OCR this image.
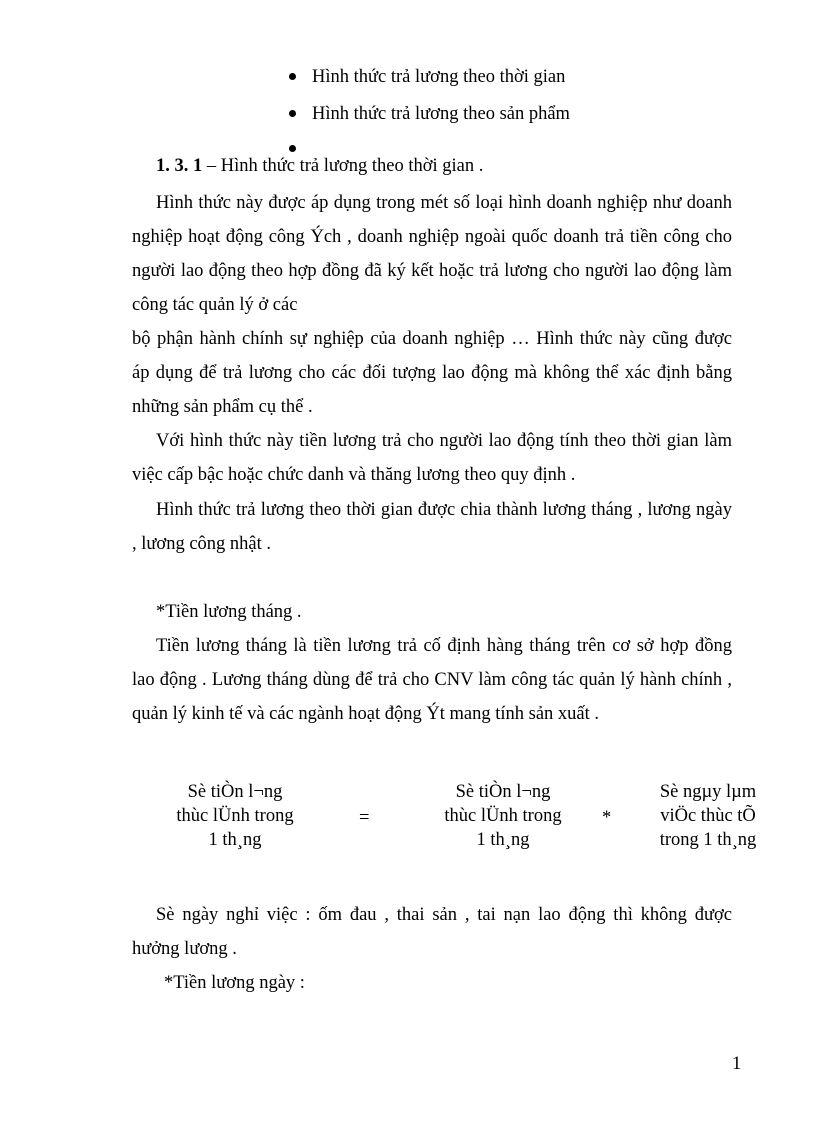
Hình thức trả lương theo thời gian
Hình thức trả lương theo sản phẩm
1. 3. 1 – Hình thức trả lương theo thời gian .
Hình thức này được áp dụng trong mét số loại hình doanh nghiệp như doanh
nghiệp hoạt động công Ých , doanh nghiệp ngoài quốc doanh trả tiền công cho
người lao động theo hợp đồng đã ký kết hoặc trả lương cho người lao động làm
công tác quản lý ở các
bộ phận hành chính sự nghiệp của doanh nghiệp … Hình thức này cũng được
áp dụng để trả lương cho các đối tượng lao động mà không thể xác định bằng
những sản phẩm cụ thể .
Với hình thức này tiền lương trả cho người lao động tính theo thời gian làm
việc cấp bậc hoặc chức danh và thăng lương theo quy định .
Hình thức trả lương theo thời gian được chia thành lương tháng , lương ngày
, lương công nhật .
*Tiền lương tháng .
Tiền lương tháng là tiền lương trả cố định hàng tháng trên cơ sở hợp đồng
lao động . Lương tháng dùng để trả cho CNV làm công tác quản lý hành chính ,
quản lý kinh tế và các ngành hoạt động Ýt mang tính sản xuất .
Sè tiÒn l¬ng
thùc lÜnh trong
1 th¸ng
=
Sè tiÒn l¬ng
thùc lÜnh trong
1 th¸ng
*
Sè ngµy lµm
viÖc thùc tÕ
trong 1 th¸ng
Sè ngày nghỉ việc : ốm đau , thai sản , tai nạn lao động thì không được
hưởng lương .
*Tiền lương ngày :
1
